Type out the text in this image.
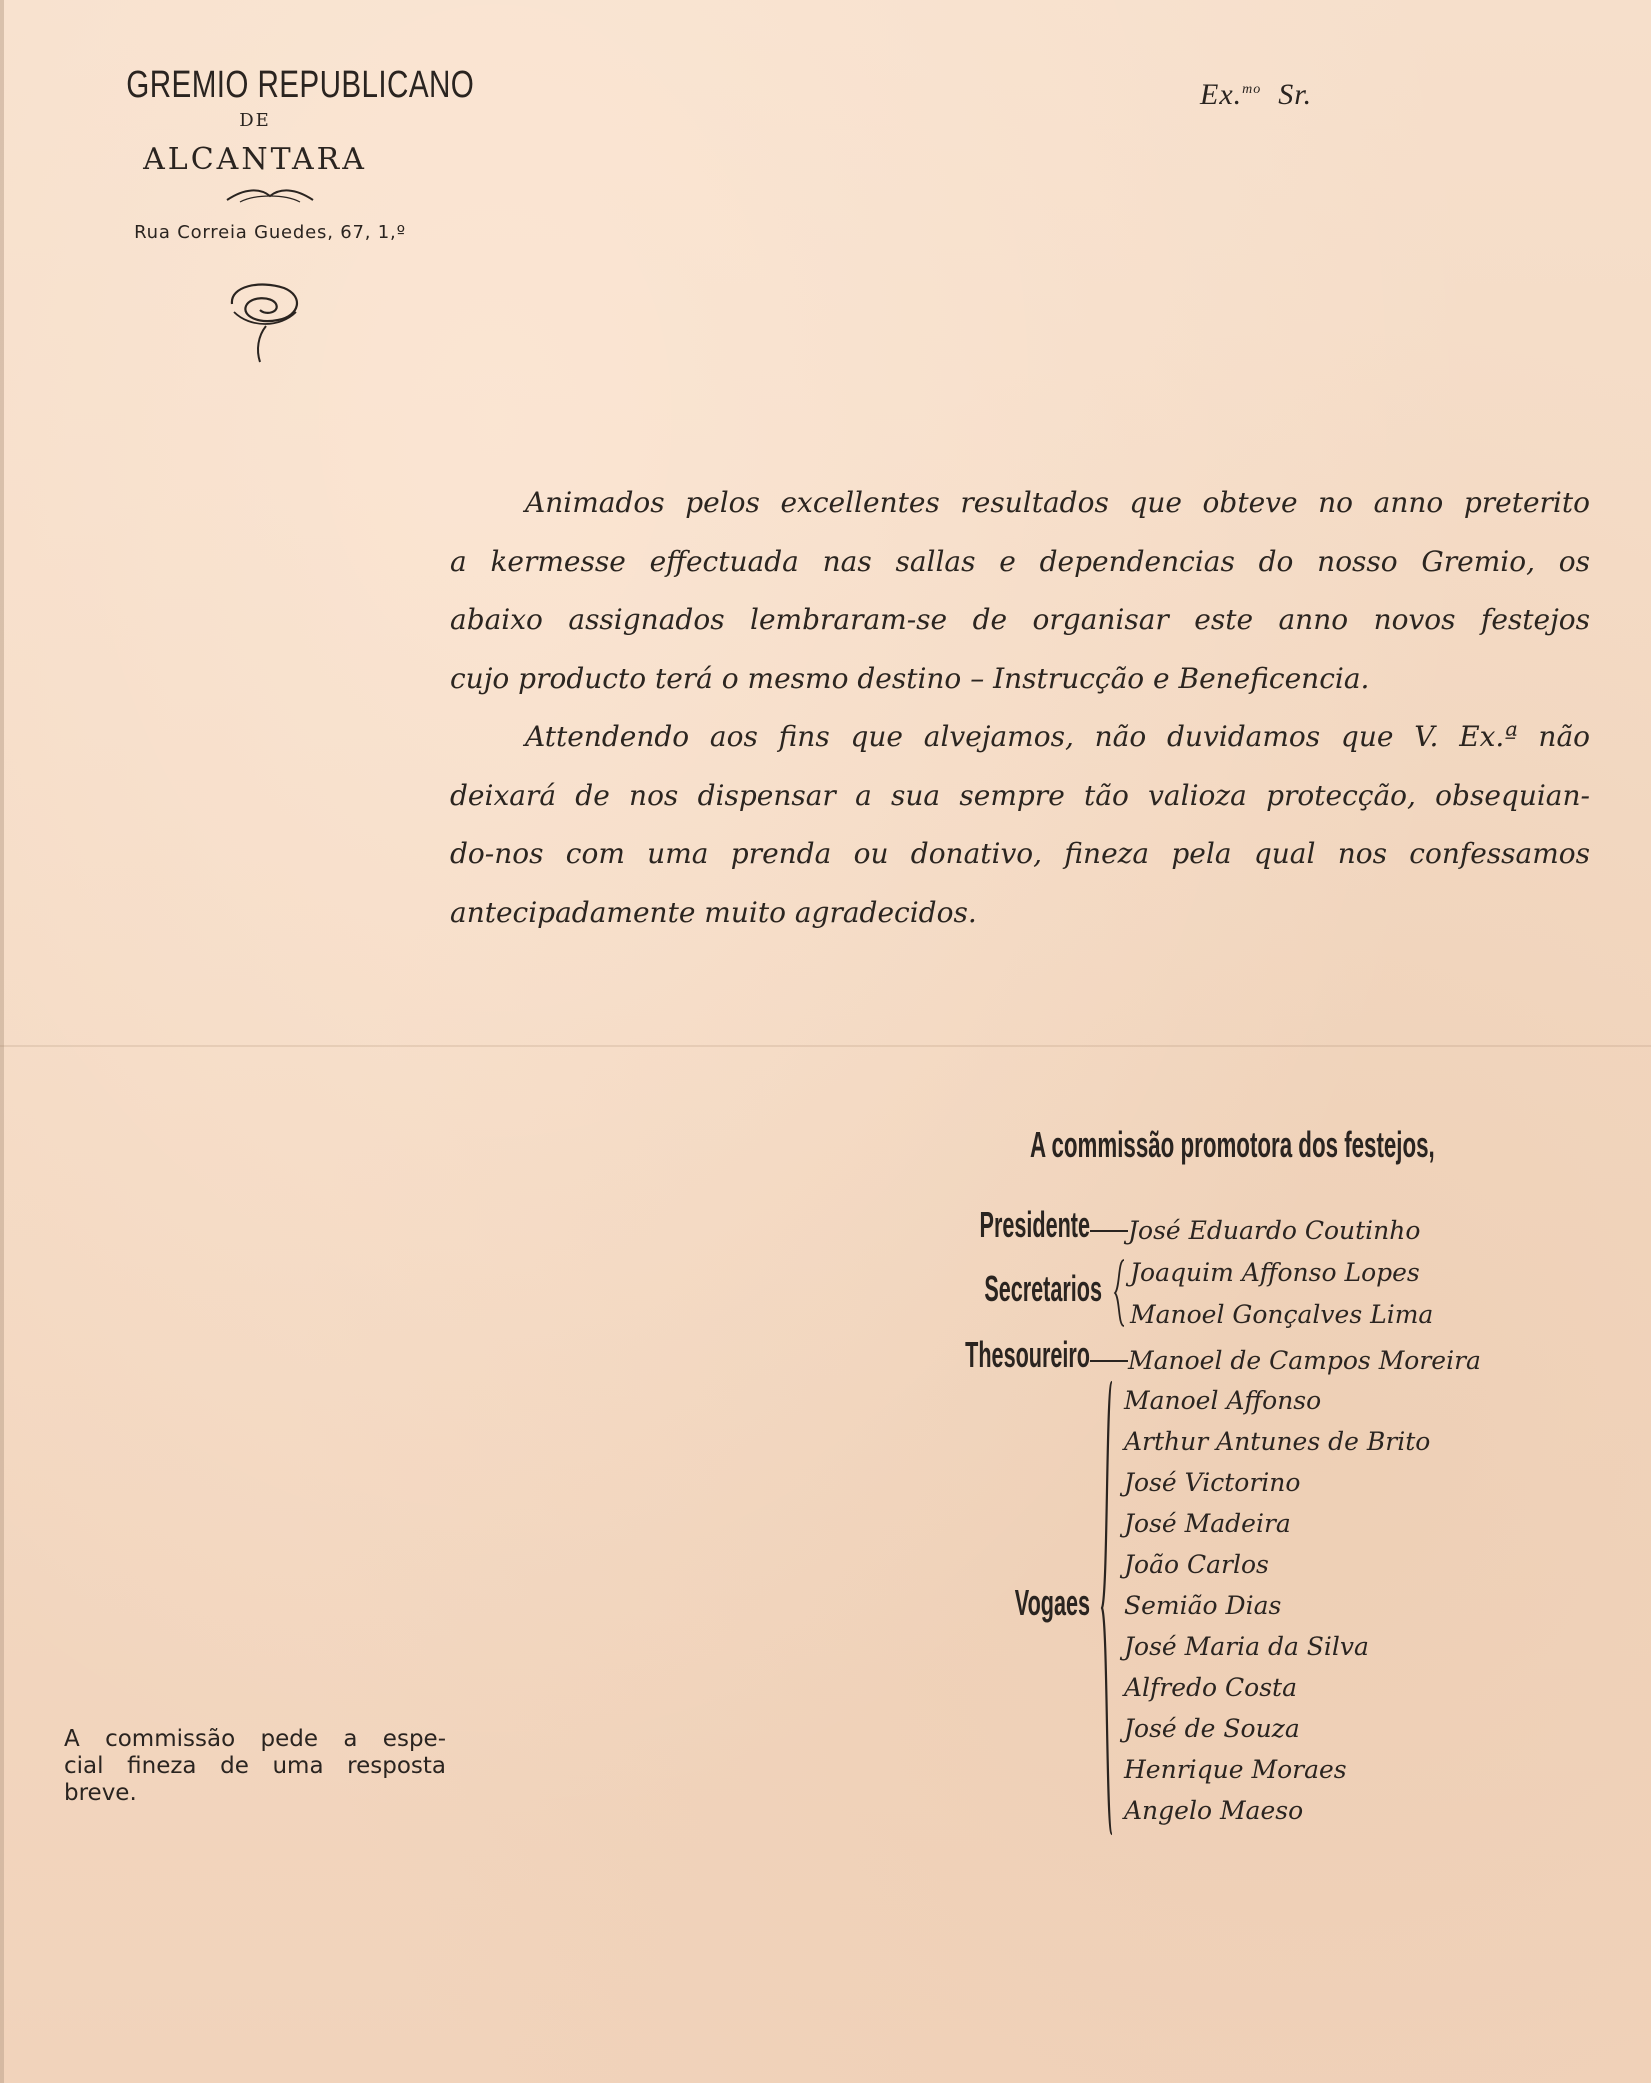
GREMIO REPUBLICANO
DE
ALCANTARA
Rua Correia Guedes, 67, 1,º
Ex.$^{mo}$ Sr.

Animados pelos excellentes resultados que obteve no anno preterito

a kermesse effectuada nas sallas e dependencias do nosso Gremio, os

abaixo assignados lembraram-se de organisar este anno novos festejos

cujo producto terá o mesmo destino – Instrucção e Beneficencia.

Attendendo aos fins que alvejamos, não duvidamos que V. Ex.ª não

deixará de nos dispensar a sua sempre tão valioza protecção, obsequian-

do-nos com uma prenda ou donativo, fineza pela qual nos confessamos

antecipadamente muito agradecidos.

A commissão promotora dos festejos,
Presidente José Eduardo Coutinho
Secretarios Joaquim Affonso Lopes
Manoel Gonçalves Lima
Thesoureiro Manoel de Campos Moreira
Vogaes
Manoel Affonso
Arthur Antunes de Brito
José Victorino
José Madeira
João Carlos
Semião Dias
José Maria da Silva
Alfredo Costa
José de Souza
Henrique Moraes
Angelo Maeso

A commissão pede a espe-

cial fineza de uma resposta

breve.
